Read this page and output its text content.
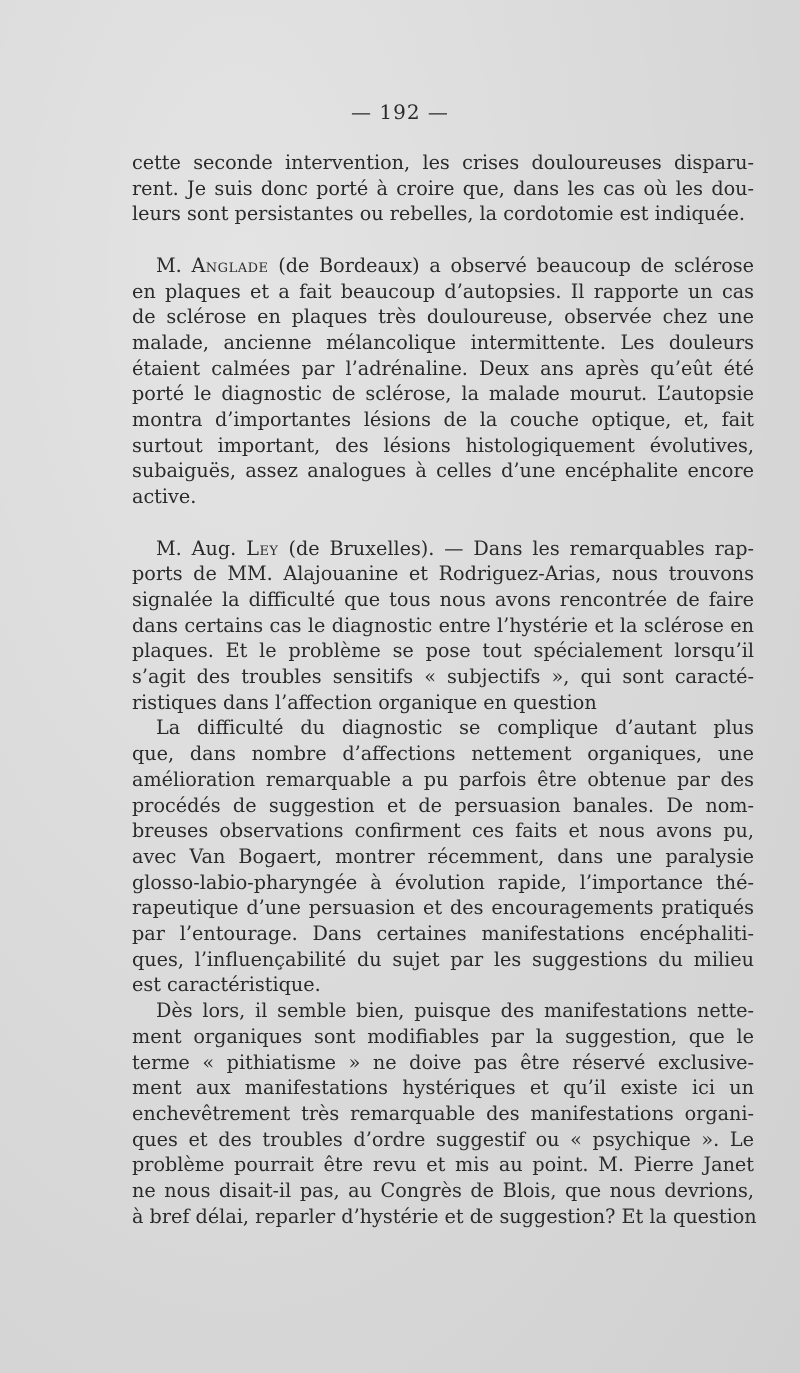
— 192 —

cette seconde intervention, les crises douloureuses disparu-
rent. Je suis donc porté à croire que, dans les cas où les dou-
leurs sont persistantes ou rebelles, la cordotomie est indiquée.

M. Anglade (de Bordeaux) a observé beaucoup de sclérose
en plaques et a fait beaucoup d’autopsies. Il rapporte un cas
de sclérose en plaques très douloureuse, observée chez une
malade, ancienne mélancolique intermittente. Les douleurs
étaient calmées par l’adrénaline. Deux ans après qu’eût été
porté le diagnostic de sclérose, la malade mourut. L’autopsie
montra d’importantes lésions de la couche optique, et, fait
surtout important, des lésions histologiquement évolutives,
subaiguës, assez analogues à celles d’une encéphalite encore
active.

M. Aug. Ley (de Bruxelles). — Dans les remarquables rap-
ports de MM. Alajouanine et Rodriguez-Arias, nous trouvons
signalée la difficulté que tous nous avons rencontrée de faire
dans certains cas le diagnostic entre l’hystérie et la sclérose en
plaques. Et le problème se pose tout spécialement lorsqu’il
s’agit des troubles sensitifs « subjectifs », qui sont caracté-
ristiques dans l’affection organique en question

La difficulté du diagnostic se complique d’autant plus
que, dans nombre d’affections nettement organiques, une
amélioration remarquable a pu parfois être obtenue par des
procédés de suggestion et de persuasion banales. De nom-
breuses observations confirment ces faits et nous avons pu,
avec Van Bogaert, montrer récemment, dans une paralysie
glosso-labio-pharyngée à évolution rapide, l’importance thé-
rapeutique d’une persuasion et des encouragements pratiqués
par l’entourage. Dans certaines manifestations encéphaliti-
ques, l’influençabilité du sujet par les suggestions du milieu
est caractéristique.

Dès lors, il semble bien, puisque des manifestations nette-
ment organiques sont modifiables par la suggestion, que le
terme « pithiatisme » ne doive pas être réservé exclusive-
ment aux manifestations hystériques et qu’il existe ici un
enchevêtrement très remarquable des manifestations organi-
ques et des troubles d’ordre suggestif ou « psychique ». Le
problème pourrait être revu et mis au point. M. Pierre Janet
ne nous disait-il pas, au Congrès de Blois, que nous devrions,
à bref délai, reparler d’hystérie et de suggestion? Et la question
